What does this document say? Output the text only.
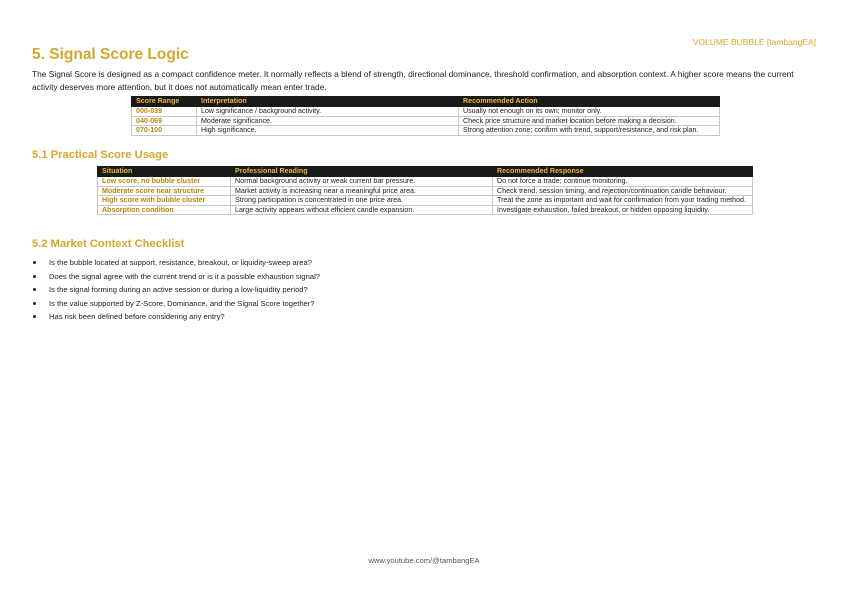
VOLUME BUBBLE [tambangEA]
5. Signal Score Logic

The Signal Score is designed as a compact confidence meter. It normally reflects a blend of strength, directional dominance, threshold confirmation, and absorption context. A higher score means the current activity deserves more attention, but it does not automatically mean enter trade.

Score Range	Interpretation	Recommended Action
000-039	Low significance / background activity.	Usually not enough on its own; monitor only.
040-069	Moderate significance.	Check price structure and market location before making a decision.
070-100	High significance.	Strong attention zone; confirm with trend, support/resistance, and risk plan.
5.1 Practical Score Usage
Situation	Professional Reading	Recommended Response
Low score, no bubble cluster	Normal background activity or weak current bar pressure.	Do not force a trade; continue monitoring.
Moderate score near structure	Market activity is increasing near a meaningful price area.	Check trend, session timing, and rejection/continuation candle behaviour.
High score with bubble cluster	Strong participation is concentrated in one price area.	Treat the zone as important and wait for confirmation from your trading method.
Absorption condition	Large activity appears without efficient candle expansion.	Investigate exhaustion, failed breakout, or hidden opposing liquidity.
5.2 Market Context Checklist
Is the bubble located at support, resistance, breakout, or liquidity-sweep area?
Does the signal agree with the current trend or is it a possible exhaustion signal?
Is the signal forming during an active session or during a low-liquidity period?
Is the value supported by Z-Score, Dominance, and the Signal Score together?
Has risk been defined before considering any entry?
www.youtube.com/@tambangEA
